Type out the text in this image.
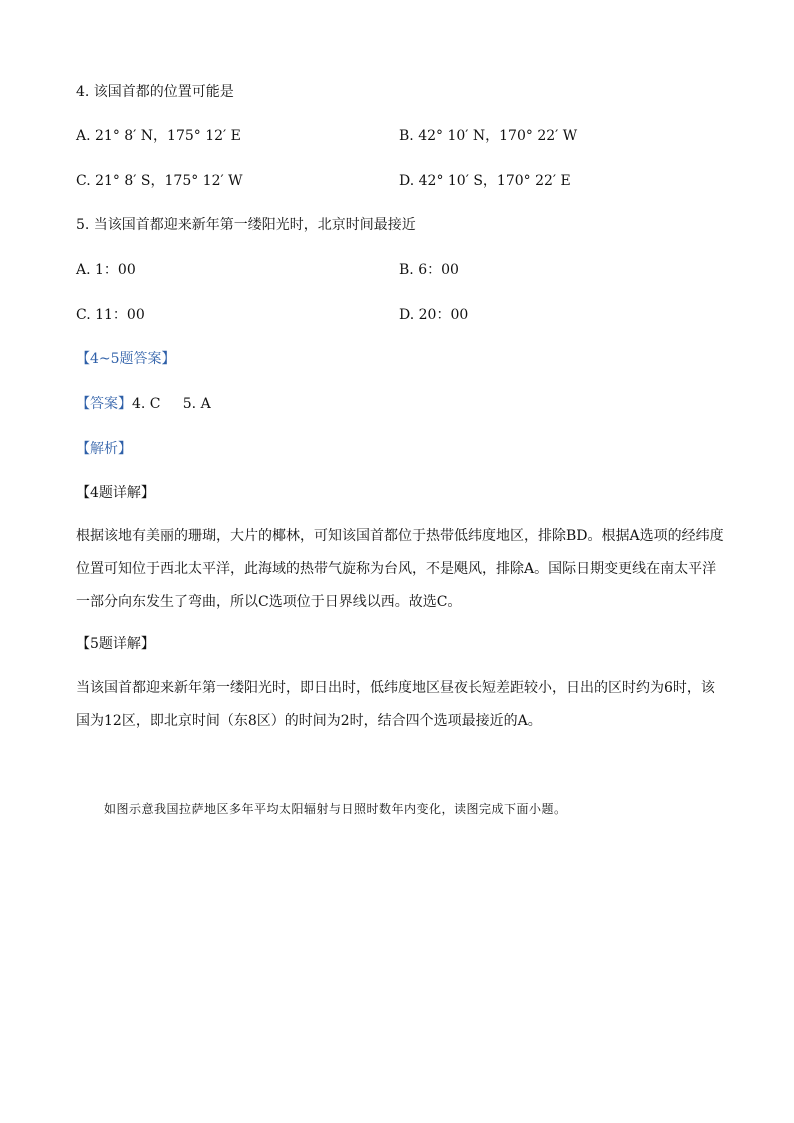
4. 该国首都的位置可能是
A. 21° 8′ N，175° 12′ E	B. 42° 10′ N，170° 22′ W
C. 21° 8′ S，175° 12′ W	D. 42° 10′ S，170° 22′ E
5. 当该国首都迎来新年第一缕阳光时，北京时间最接近
A. 1：00	B. 6：00
C. 11：00	D. 20：00
【4~5题答案】
【答案】4. C     5. A
【解析】
【4题详解】
根据该地有美丽的珊瑚，大片的椰林，可知该国首都位于热带低纬度地区，排除BD。根据A选项的经纬度位置可知位于西北太平洋，此海域的热带气旋称为台风，不是飓风，排除A。国际日期变更线在南太平洋一部分向东发生了弯曲，所以C选项位于日界线以西。故选C。
【5题详解】
当该国首都迎来新年第一缕阳光时，即日出时，低纬度地区昼夜长短差距较小，日出的区时约为6时，该国为12区，即北京时间（东8区）的时间为2时，结合四个选项最接近的A。
如图示意我国拉萨地区多年平均太阳辐射与日照时数年内变化，读图完成下面小题。
